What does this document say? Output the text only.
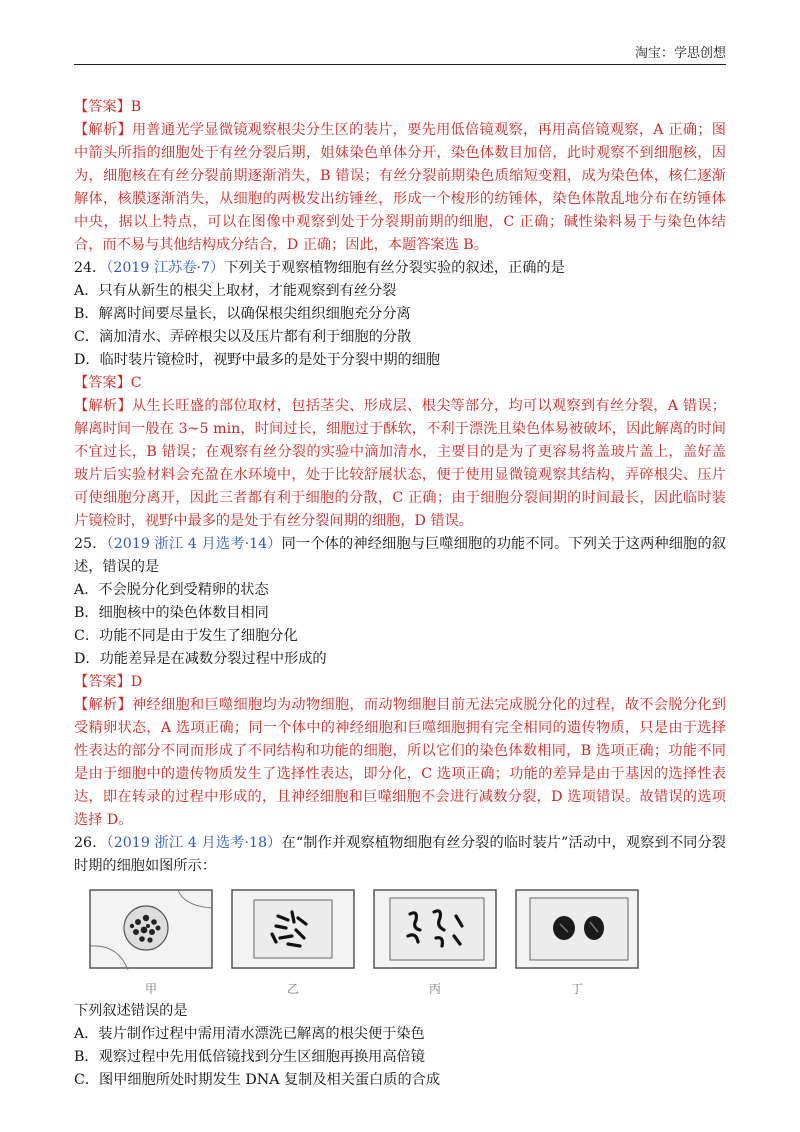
淘宝：学思创想
【答案】B
【解析】用普通光学显微镜观察根尖分生区的装片，要先用低倍镜观察，再用高倍镜观察，A 正确；图中箭头所指的细胞处于有丝分裂后期，姐妹染色单体分开，染色体数目加倍，此时观察不到细胞核，因为，细胞核在有丝分裂前期逐渐消失，B 错误；有丝分裂前期染色质缩短变粗，成为染色体，核仁逐渐解体，核膜逐渐消失，从细胞的两极发出纺锤丝，形成一个梭形的纺锤体，染色体散乱地分布在纺锤体中央，据以上特点，可以在图像中观察到处于分裂期前期的细胞，C 正确；碱性染料易于与染色体结合，而不易与其他结构成分结合，D 正确；因此，本题答案选 B。
24．（2019 江苏卷·7）下列关于观察植物细胞有丝分裂实验的叙述，正确的是
A．只有从新生的根尖上取材，才能观察到有丝分裂
B．解离时间要尽量长，以确保根尖组织细胞充分分离
C．滴加清水、弄碎根尖以及压片都有利于细胞的分散
D．临时装片镜检时，视野中最多的是处于分裂中期的细胞
【答案】C
【解析】从生长旺盛的部位取材，包括茎尖、形成层、根尖等部分，均可以观察到有丝分裂，A 错误；解离时间一般在 3~5 min，时间过长，细胞过于酥软，不利于漂洗且染色体易被破坏，因此解离的时间不宜过长，B 错误；在观察有丝分裂的实验中滴加清水，主要目的是为了更容易将盖玻片盖上，盖好盖玻片后实验材料会充盈在水环境中，处于比较舒展状态，便于使用显微镜观察其结构，弄碎根尖、压片可使细胞分离开，因此三者都有利于细胞的分散，C 正确；由于细胞分裂间期的时间最长，因此临时装片镜检时，视野中最多的是处于有丝分裂间期的细胞，D 错误。
25．（2019 浙江 4 月选考·14）同一个体的神经细胞与巨噬细胞的功能不同。下列关于这两种细胞的叙述，错误的是
A．不会脱分化到受精卵的状态
B．细胞核中的染色体数目相同
C．功能不同是由于发生了细胞分化
D．功能差异是在减数分裂过程中形成的
【答案】D
【解析】神经细胞和巨噬细胞均为动物细胞，而动物细胞目前无法完成脱分化的过程，故不会脱分化到受精卵状态，A 选项正确；同一个体中的神经细胞和巨噬细胞拥有完全相同的遗传物质，只是由于选择性表达的部分不同而形成了不同结构和功能的细胞，所以它们的染色体数相同，B 选项正确；功能不同是由于细胞中的遗传物质发生了选择性表达，即分化，C 选项正确；功能的差异是由于基因的选择性表达，即在转录的过程中形成的，且神经细胞和巨噬细胞不会进行减数分裂，D 选项错误。故错误的选项选择 D。
26．（2019 浙江 4 月选考·18）在“制作并观察植物细胞有丝分裂的临时装片”活动中，观察到不同分裂时期的细胞如图所示：
甲	乙	丙	丁
下列叙述错误的是
A．装片制作过程中需用清水漂洗已解离的根尖便于染色
B．观察过程中先用低倍镜找到分生区细胞再换用高倍镜
C．图甲细胞所处时期发生 DNA 复制及相关蛋白质的合成
